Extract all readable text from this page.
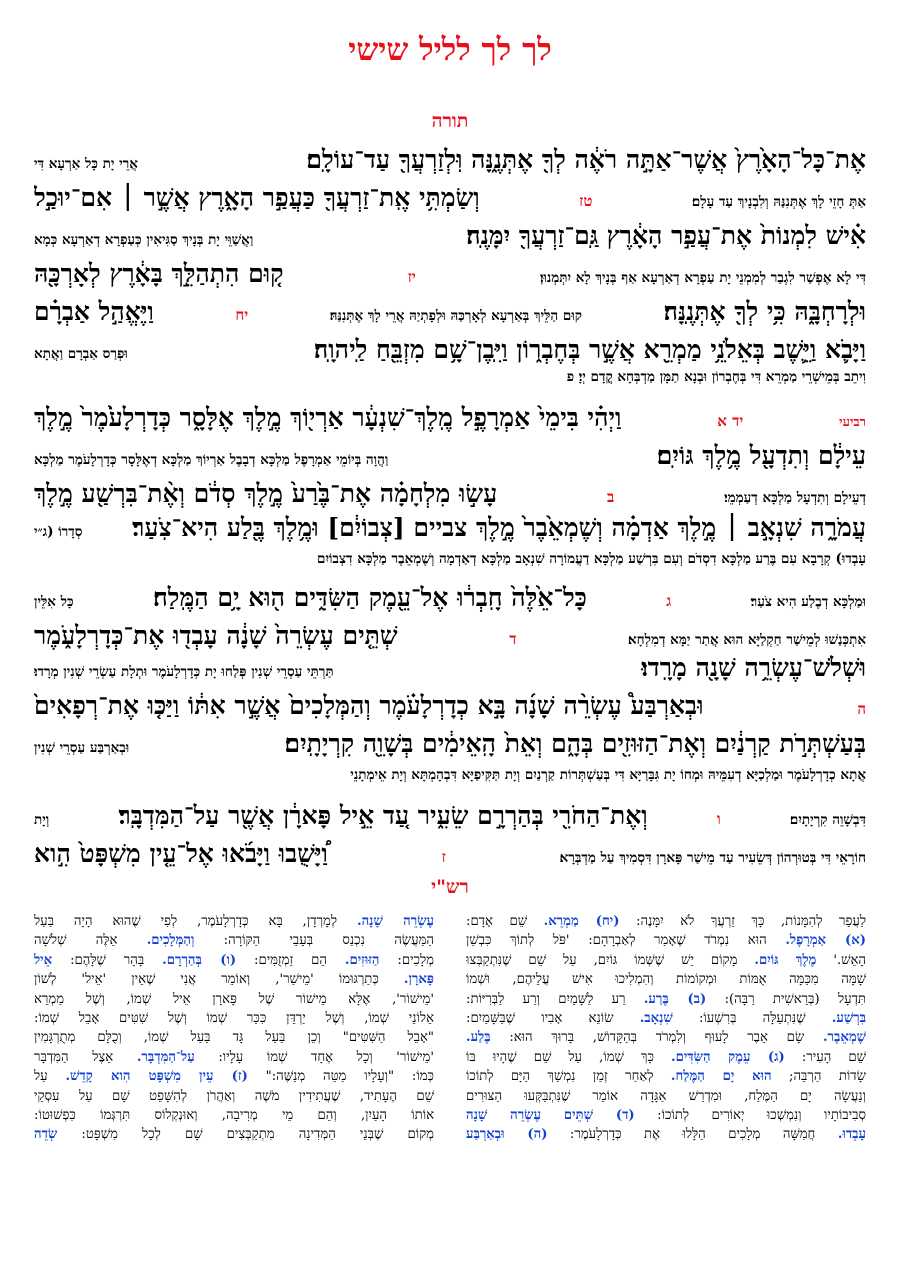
לך לך לליל שישי
תורה
אֶת־כָּל־הָאָ֙רֶץ֙ אֲשֶׁר־אַתָּ֣ה רֹאֶ֔ה לְךָ֖ אֶתְּנֶ֑נָּה וּֽלְזַרְעֲךָ֖ עַד־עוֹלָֽם׃
אֲרֵי יָת כָּל אַרְעָא דִּי
אַתְּ חָזֵי לָךְ אֶתְּנִנַּהּ וְלִבְנָיךְ עַד עָלָם׃
טז
וְשַׂמְתִּ֥י אֶֽת־זַרְעֲךָ֖ כַּעֲפַ֣ר הָאָ֑רֶץ אֲשֶׁ֣ר ׀ אִם־יוּכַ֣ל
אִ֗ישׁ לִמְנוֹת֙ אֶת־עֲפַ֣ר הָאָ֔רֶץ גַּֽם־זַרְעֲךָ֖ יִמָּנֶֽה׃
וַאֲשַׁוֵּי יָת בְּנָיךְ סַגִּיאִין כְּעַפְרָא דְאַרְעָא כְּמָא
דִּי לָא אֶפְשַׁר לִגְבַר לְמִמְנֵי יָת עַפְרָא דְאַרְעָא אַף בְּנָיךְ לָא יִתְּמְנוּן׃
יז
ק֚וּם הִתְהַלֵּ֣ךְ בָּאָ֔רֶץ לְאָרְכָּ֖הּ
וּלְרָחְבָּ֑הּ כִּ֥י לְךָ֖ אֶתְּנֶֽנָּה׃
קוּם הַלֵּיךְ בְּאַרְעָא לְאָרְכַּהּ וּלְפָתְיַהּ אֲרֵי לָךְ אֶתְּנִנַּהּ׃
יח
וַיֶּאֱהַ֣ל אַבְרָ֗ם
וַיָּבֹ֛א וַיֵּ֛שֶׁב בְּאֵלֹנֵ֥י מַמְרֵ֖א אֲשֶׁ֣ר בְּחֶבְר֑וֹן וַיִּֽבֶן־שָׁ֥ם מִזְבֵּ֖חַ לַֽיהוָֽה׃
וּפְרַס אַבְרָם וַאֲתָא
וִיתֵב בְּמֵישְׁרֵי מַמְרֵא דִּי בְּחֶבְרוֹן וּבְנָא תַמָּן מַדְבְּחָא קֳדָם יְיָ׃ פ
רביעי
יד א
וַיְהִ֗י בִּימֵי֙ אַמְרָפֶ֣ל מֶֽלֶךְ־שִׁנְעָ֔ר אַרְי֖וֹךְ מֶ֣לֶךְ אֶלָּסָ֑ר כְּדָרְלָעֹ֙מֶר֙ מֶ֣לֶךְ
עֵילָ֔ם וְתִדְעָ֖ל מֶ֥לֶךְ גּוֹיִֽם׃
וַהֲוָה בְּיוֹמֵי אַמְרָפֶל מַלְכָּא דְבָבֶל אַרְיוֹךְ מַלְכָּא דְאֶלָּסָר כְּדָרְלָעֹמֶר מַלְכָּא
דְעֵילָם וְתִדְעָל מַלְכָּא דְעַמְמֵי׃
ב
עָשׂ֣וּ מִלְחָמָ֗ה אֶת־בֶּ֙רַע֙ מֶ֣לֶךְ סְדֹ֔ם וְאֶ֨ת־בִּרְשַׁ֖ע מֶ֣לֶךְ
עֲמֹרָ֑ה שִׁנְאָ֣ב ׀ מֶ֣לֶךְ אַדְמָ֗ה וְשֶׁמְאֵ֙בֶר֙ מֶ֣לֶךְ צביים [צְבוֹיִ֔ם] וּמֶ֥לֶךְ בֶּ֖לַע הִיא־צֹֽעַר׃
סְדָרוֹ (ג״י
עָבְדוּ) קְרָבָא עִם בֶּרַע מַלְכָּא דִסְדֹם וְעִם בִּרְשַׁע מַלְכָּא דַעֲמוֹרָה שִׁנְאָב מַלְכָּא דְאַדְמָה וְשֶׁמְאֵבֶר מַלְכָּא דִצְבוֹיִם
וּמַלְכָּא דְבֶלַע הִיא צֹעַר׃
ג
כָּל־אֵ֙לֶּה֙ חָֽבְר֔וּ אֶל־עֵ֖מֶק הַשִּׂדִּ֑ים ה֖וּא יָ֥ם הַמֶּֽלַח׃
כָּל אִלֵּין
אִתְכְּנַשׁוּ לְמֵישַׁר חַקְלַיָּא הוּא אֲתַר יַמָּא דְמִלְחָא׃
ד
שְׁתֵּ֤ים עֶשְׂרֵה֙ שָׁנָ֔ה עָבְד֖וּ אֶת־כְּדָרְלָעֹ֑מֶר
וּשְׁלֹשׁ־עֶשְׂרֵ֥ה שָׁנָ֖ה מָרָֽדוּ׃
תַּרְתֵּי עַסְרֵי שְׁנִין פְּלַחוּ יָת כְּדָרְלָעֹמֶר וּתְלָת עַשְׂרֵי שְׁנִין מְרָדוּ׃
ה
וּבְאַרְבַּע֩ עֶשְׂרֵ֨ה שָׁנָ֜ה בָּ֣א כְדָרְלָעֹ֗מֶר וְהַמְּלָכִים֙ אֲשֶׁ֣ר אִתּ֔וֹ וַיַּכּ֤וּ אֶת־רְפָאִים֙
בְּעַשְׁתְּרֹ֣ת קַרְנַ֔יִם וְאֶת־הַזּוּזִ֖ים בְּהָ֑ם וְאֵת֙ הָֽאֵימִ֔ים בְּשָׁוֵ֖ה קִרְיָתָֽיִם׃
וּבְאַרְבַּע עַסְרֵי שְׁנִין
אֲתָא כְדָרְלָעֹמֶר וּמַלְכַיָּא דְעִמֵּיהּ וּמְחוֹ יָת גִּבָּרַיָּא דִּי בְּעַשְׁתְּרוֹת קַרְנַיִם וְיָת תַּקִּיפַיָּא דִּבְהָמְתָּא וְיָת אֵימְתָנֵי
דִּבְשָׁוֵה קִרְיָתָיִם׃
ו
וְאֶת־הַחֹרִ֖י בְּהַרְרָ֣ם שֵׂעִ֑יר עַ֚ד אֵ֣יל פָּארָ֔ן אֲשֶׁ֖ר עַל־הַמִּדְבָּֽר׃
וְיָת
חוֹרָאֵי דִּי בְּטוּרְהוֹן דְּשֵׂעִיר עַד מֵישַׁר פָּארָן דִּסְמִיךְ עַל מַדְבְּרָא׃
ז
וַ֠יָּשֻׁבוּ וַיָּבֹ֜אוּ אֶל־עֵ֤ין מִשְׁפָּט֙ הִ֣וא
רש"י
לַעֲפַר לְהִמָּנוֹת, כָּךְ זַרְעֲךָ לֹא יִמָּנֶה: (יח) מַמְרֵא. שֵׁם אָדָם:
(א) אַמְרָפֶל. הוּא נִמְרֹד שֶׁאָמַר לְאַבְרָהָם: 'פֹּל לְתוֹךְ כִּבְשַׁן
הָאֵשׁ.' מֶלֶךְ גּוֹיִם. מָקוֹם יֵשׁ שֶׁשְּׁמוֹ גּוֹיִם, עַל שֵׁם שֶׁנִּתְקַבְּצוּ
שָׁמָּה מִכַּמָּה אֻמּוֹת וּמְקוֹמוֹת וְהִמְלִיכוּ אִישׁ עֲלֵיהֶם, וּשְׁמוֹ
תִּדְעָל (בְּרֵאשִׁית רַבָּה): (ב) בֶּרַע. רַע לַשָּׁמַיִם וְרַע לַבְּרִיּוֹת:
בִּרְשַׁע. שֶׁנִּתְעַלָּה בְּרִשְׁעוֹ: שִׁנְאָב. שׂוֹנֵא אָבִיו שֶׁבַּשָּׁמַיִם:
שֶׁמְאֵבֶר. שָׂם אֵבֶר לָעוּף וְלִמְרֹד בְּהַקָּדוֹשׁ, בָּרוּךְ הוּא: בֶּלַע.
שֵׁם הָעִיר: (ג) עֵמֶק הַשִּׂדִּים. כָּךְ שְׁמוֹ, עַל שֵׁם שֶׁהָיוּ בּוֹ
שָׂדוֹת הַרְבֵּה; הוּא יָם הַמֶּלַח. לְאַחַר זְמַן נִמְשַׁךְ הַיָּם לְתוֹכוֹ
וְנַעֲשָׂה יָם הַמֶּלַח, וּמִדְרַשׁ אַגָּדָה אוֹמֵר שֶׁנִּתְבַּקְּעוּ הַצּוּרִים
סְבִיבוֹתָיו וְנִמְשְׁכוּ יְאוֹרִים לְתוֹכוֹ: (ד) שְׁתֵּים עֶשְׂרֵה שָׁנָה
עָבְדוּ. חֲמִשָּׁה מְלָכִים הַלָּלוּ אֶת כְּדָרְלָעֹמֶר: (ה) וּבְאַרְבַּע
עֶשְׂרֵה שָׁנָה. לְמָרְדָן, בָּא כְּדָרְלָעֹמֶר, לְפִי שֶׁהוּא הָיָה בַּעַל
הַמַּעֲשֶׂה נִכְנַס בְּעָבֵי הַקּוֹרָה: וְהַמְּלָכִים. אֵלֶּה שְׁלֹשָׁה
מְלָכִים: הַזּוּזִים. הֵם זַמְזֻמִּים: (ו) בְּהַרְרָם. בָּהָר שֶׁלָּהֶם: אֵיל
פָּארָן. כְּתַרְגּוּמוֹ 'מֵישַׁר', וְאוֹמֵר אֲנִי שֶׁאֵין 'אֵיל' לְשׁוֹן
'מֵישׁוֹר', אֶלָּא מֵישׁוֹר שֶׁל פָּארָן אֵיל שְׁמוֹ, וְשֶׁל מַמְרֵא
אֵלוֹנֵי שְׁמוֹ, וְשֶׁל יַרְדֵּן כִּכַּר שְׁמוֹ וְשֶׁל שִׁטִּים אָבֵל שְׁמוֹ:
"אָבֵל הַשִּׁטִּים" וְכֵן בַּעַל גָּד בַּעַל שְׁמוֹ, וְכֻלָּם מְתֻרְגָּמִין
'מֵישׁוֹר' וְכָל אֶחָד שְׁמוֹ עָלָיו: עַל־הַמִּדְבָּר. אֵצֶל הַמִּדְבָּר
כְּמוֹ: "וְעָלָיו מַטֵּה מְנַשֶּׁה:" (ז) עֵין מִשְׁפָּט הִוא קָדֵשׁ. עַל
שֵׁם הֶעָתִיד, שֶׁעֲתִידִין מֹשֶׁה וְאַהֲרֹן לְהִשָּׁפֵט שָׁם עַל עִסְקֵי
אוֹתוֹ הָעַיִן, וְהֵם מֵי מְרִיבָה, וְאוּנְקְלוֹס תִּרְגְּמוֹ כִּפְשׁוּטוֹ:
מְקוֹם שֶׁבְּנֵי הַמְּדִינָה מִתְקַבְּצִים שָׁם לְכָל מִשְׁפָּט: שְׂדֵה
